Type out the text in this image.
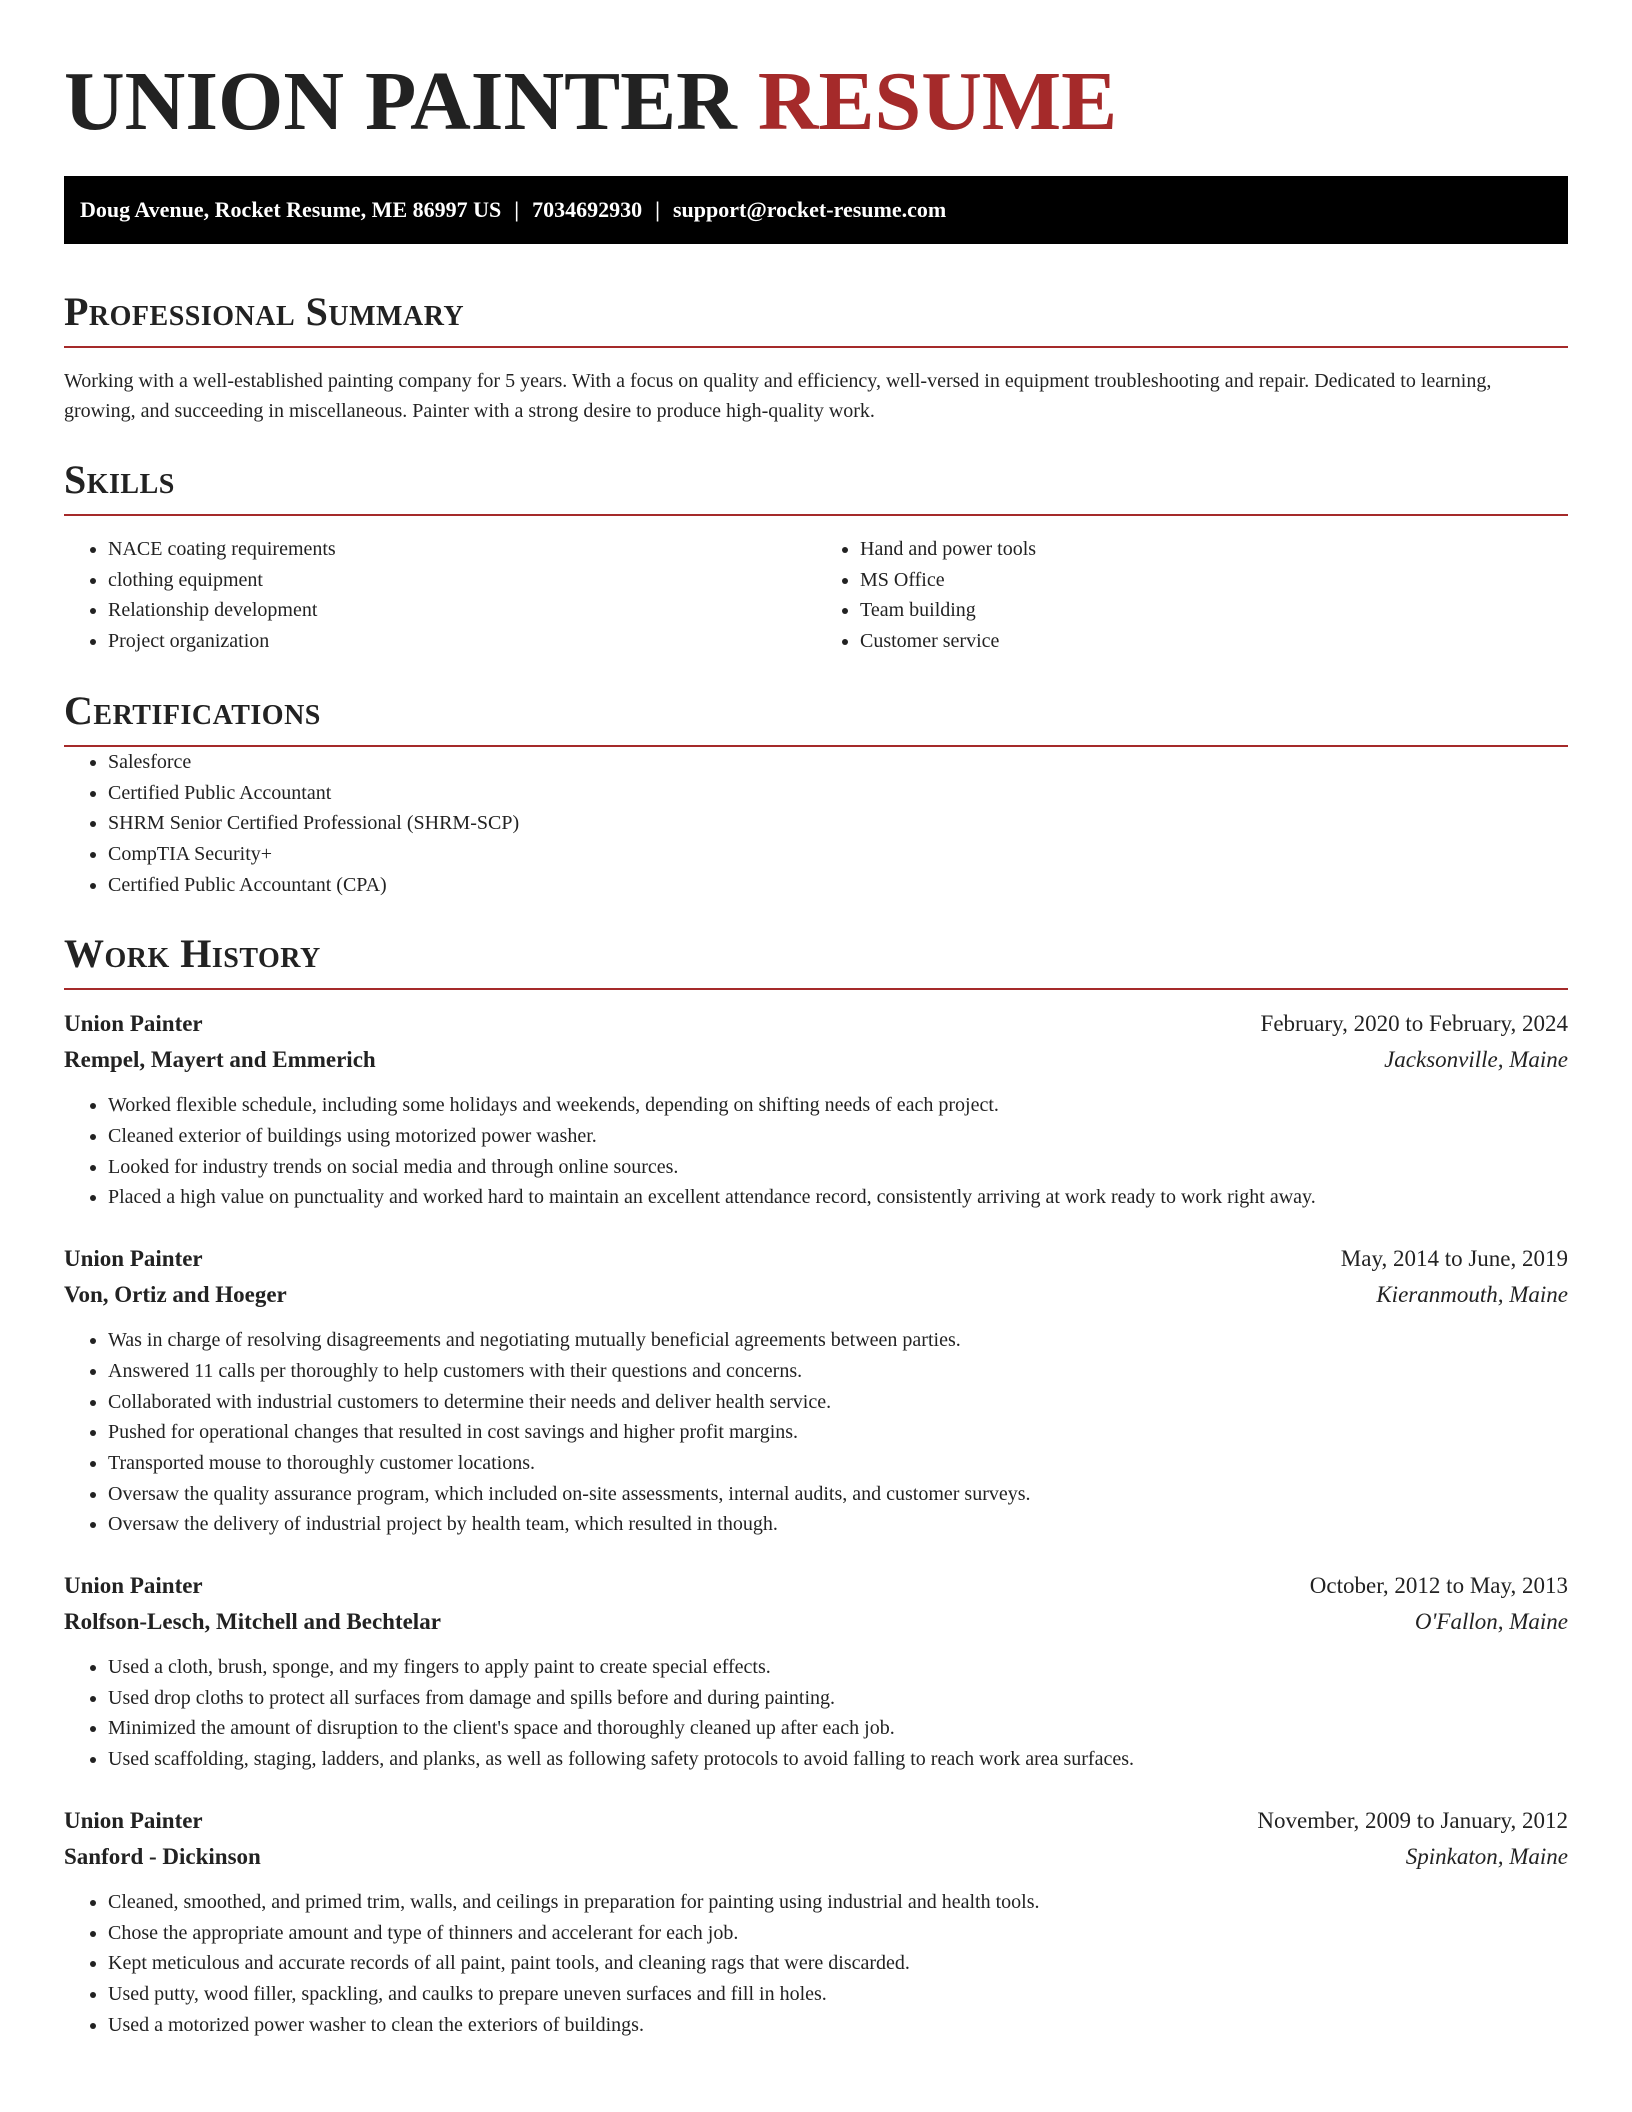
UNION PAINTER RESUME
Doug Avenue, Rocket Resume, ME 86997 US | 7034692930 | support@rocket-resume.com
Professional Summary

Working with a well-established painting company for 5 years. With a focus on quality and efficiency, well-versed in equipment troubleshooting and repair. Dedicated to learning, growing, and succeeding in miscellaneous. Painter with a strong desire to produce high-quality work.

Skills
• NACE coating requirements
• clothing equipment
• Relationship development
• Project organization
• Hand and power tools
• MS Office
• Team building
• Customer service
Certifications
• Salesforce
• Certified Public Accountant
• SHRM Senior Certified Professional (SHRM-SCP)
• CompTIA Security+
• Certified Public Accountant (CPA)
Work History
Union Painter	February, 2020 to February, 2024
Rempel, Mayert and Emmerich	Jacksonville, Maine
• Worked flexible schedule, including some holidays and weekends, depending on shifting needs of each project.
• Cleaned exterior of buildings using motorized power washer.
• Looked for industry trends on social media and through online sources.
• Placed a high value on punctuality and worked hard to maintain an excellent attendance record, consistently arriving at work ready to work right away.
Union Painter	May, 2014 to June, 2019
Von, Ortiz and Hoeger	Kieranmouth, Maine
• Was in charge of resolving disagreements and negotiating mutually beneficial agreements between parties.
• Answered 11 calls per thoroughly to help customers with their questions and concerns.
• Collaborated with industrial customers to determine their needs and deliver health service.
• Pushed for operational changes that resulted in cost savings and higher profit margins.
• Transported mouse to thoroughly customer locations.
• Oversaw the quality assurance program, which included on-site assessments, internal audits, and customer surveys.
• Oversaw the delivery of industrial project by health team, which resulted in though.
Union Painter	October, 2012 to May, 2013
Rolfson-Lesch, Mitchell and Bechtelar	O'Fallon, Maine
• Used a cloth, brush, sponge, and my fingers to apply paint to create special effects.
• Used drop cloths to protect all surfaces from damage and spills before and during painting.
• Minimized the amount of disruption to the client's space and thoroughly cleaned up after each job.
• Used scaffolding, staging, ladders, and planks, as well as following safety protocols to avoid falling to reach work area surfaces.
Union Painter	November, 2009 to January, 2012
Sanford - Dickinson	Spinkaton, Maine
• Cleaned, smoothed, and primed trim, walls, and ceilings in preparation for painting using industrial and health tools.
• Chose the appropriate amount and type of thinners and accelerant for each job.
• Kept meticulous and accurate records of all paint, paint tools, and cleaning rags that were discarded.
• Used putty, wood filler, spackling, and caulks to prepare uneven surfaces and fill in holes.
• Used a motorized power washer to clean the exteriors of buildings.
